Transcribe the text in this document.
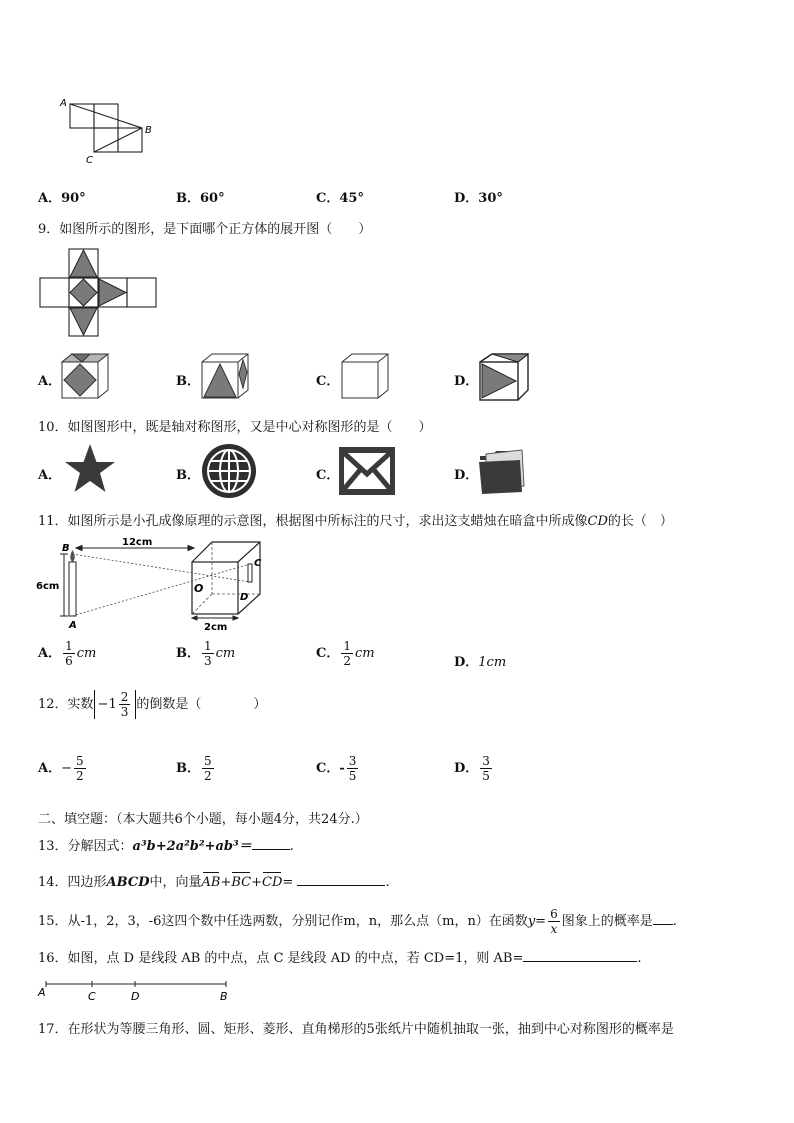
A
B
C
A．90°	B．60°	C．45°	D．30°
9．如图所示的图形，是下面哪个正方体的展开图（　　）
A．	B．	C．	D．
10．如图图形中，既是轴对称图形，又是中心对称图形的是（　　）
A．	B．	C．	D．
11．如图所示是小孔成像原理的示意图，根据图中所标注的尺寸，求出这支蜡烛在暗盒中所成像CD的长（　）
B
A
6cm
12cm
O
C
D
2cm
A． $\frac{1}{6}$ cm	B． $\frac{1}{3}$ cm	C． $\frac{1}{2}$ cm
D．1cm
12．实数 $-1 \frac{2}{3}$ 的倒数是（　　　　）
A．− $\frac{5}{2}$	B． $\frac{5}{2}$	C．- $\frac{3}{5}$	D． $\frac{3}{5}$
二、填空题：（本大题共6个小题，每小题4分，共24分.）
13．分解因式：a³b+2a²b²+ab³＝	.
14．四边形ABCD中，向量AB+BC+CD=	.
15．从-1，2，3，-6这四个数中任选两数，分别记作m，n，那么点（m，n）在函数$y= \frac{6}{x}$ 图象上的概率是 .
16．如图，点 D 是线段 AB 的中点，点 C 是线段 AD 的中点，若 CD=1，则 AB=	.
A	C	D	B
17．在形状为等腰三角形、圆、矩形、菱形、直角梯形的5张纸片中随机抽取一张，抽到中心对称图形的概率是
